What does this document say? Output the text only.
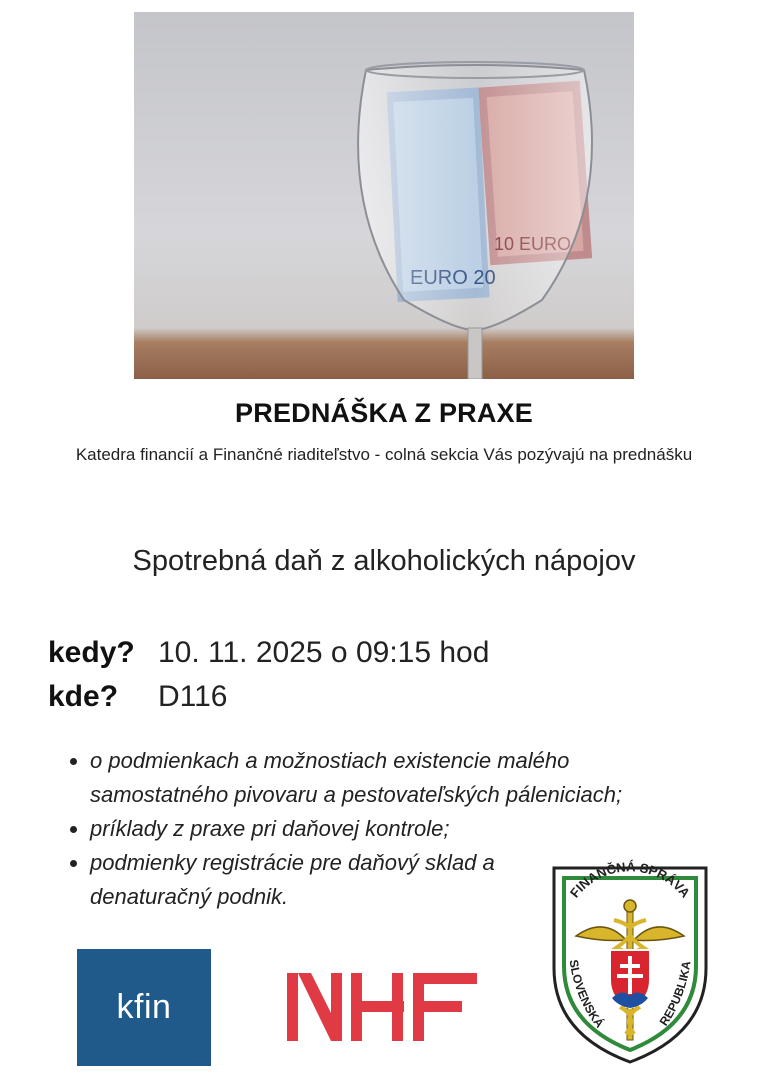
PREDNÁŠKA Z PRAXE
Katedra financií a Finančné riaditeľstvo - colná sekcia Vás pozývajú na prednášku
Spotrebná daň z alkoholických nápojov
kedy? 10. 11. 2025 o 09:15 hod
kde?	D116
o podmienkach a možnostiach existencie malého samostatného pivovaru a pestovateľských páleniciach;
príklady z praxe pri daňovej kontrole;
podmienky registrácie pre daňový sklad a denaturačný podnik.
kfin
FINANČNÁ SPRÁVA
SLOVENSKÁ	REPUBLIKA
